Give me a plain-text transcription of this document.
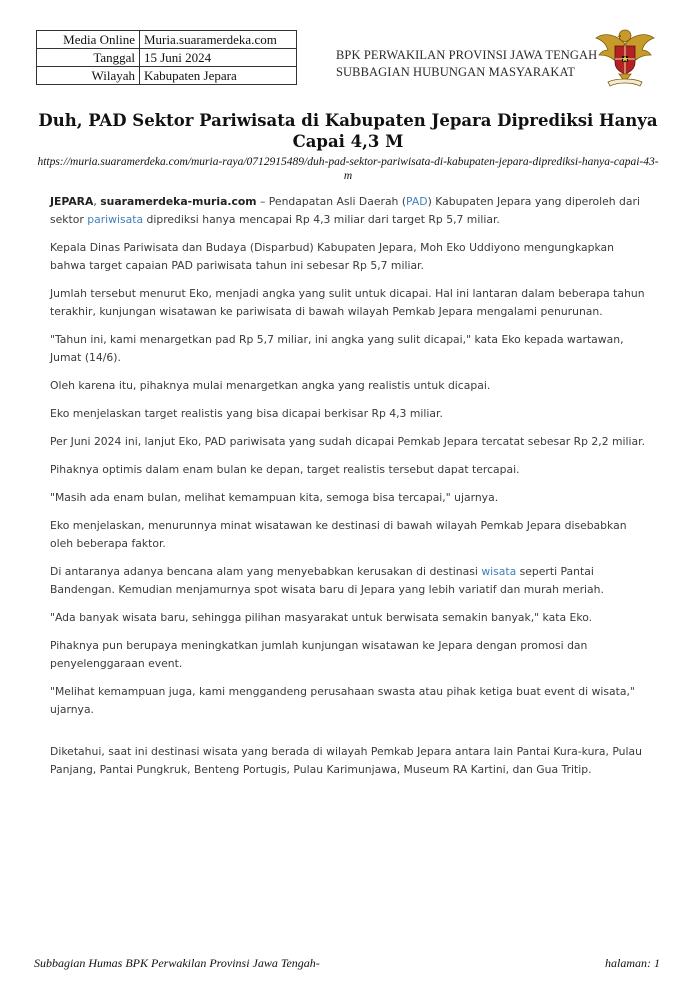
Media Online	Muria.suaramerdeka.com
Tanggal	15 Juni 2024
Wilayah	Kabupaten Jepara
BPK PERWAKILAN PROVINSI JAWA TENGAH
SUBBAGIAN HUBUNGAN MASYARAKAT
Duh, PAD Sektor Pariwisata di Kabupaten Jepara Diprediksi Hanya Capai 4,3 M
https://muria.suaramerdeka.com/muria-raya/0712915489/duh-pad-sektor-pariwisata-di-kabupaten-jepara-diprediksi-hanya-capai-43-m

JEPARA, suaramerdeka-muria.com – Pendapatan Asli Daerah (PAD) Kabupaten Jepara yang diperoleh dari sektor pariwisata diprediksi hanya mencapai Rp 4,3 miliar dari target Rp 5,7 miliar.

Kepala Dinas Pariwisata dan Budaya (Disparbud) Kabupaten Jepara, Moh Eko Uddiyono mengungkapkan bahwa target capaian PAD pariwisata tahun ini sebesar Rp 5,7 miliar.

Jumlah tersebut menurut Eko, menjadi angka yang sulit untuk dicapai. Hal ini lantaran dalam beberapa tahun terakhir, kunjungan wisatawan ke pariwisata di bawah wilayah Pemkab Jepara mengalami penurunan.

"Tahun ini, kami menargetkan pad Rp 5,7 miliar, ini angka yang sulit dicapai," kata Eko kepada wartawan, Jumat (14/6).

Oleh karena itu, pihaknya mulai menargetkan angka yang realistis untuk dicapai.

Eko menjelaskan target realistis yang bisa dicapai berkisar Rp 4,3 miliar.

Per Juni 2024 ini, lanjut Eko, PAD pariwisata yang sudah dicapai Pemkab Jepara tercatat sebesar Rp 2,2 miliar.

Pihaknya optimis dalam enam bulan ke depan, target realistis tersebut dapat tercapai.

"Masih ada enam bulan, melihat kemampuan kita, semoga bisa tercapai," ujarnya.

Eko menjelaskan, menurunnya minat wisatawan ke destinasi di bawah wilayah Pemkab Jepara disebabkan oleh beberapa faktor.

Di antaranya adanya bencana alam yang menyebabkan kerusakan di destinasi wisata seperti Pantai Bandengan. Kemudian menjamurnya spot wisata baru di Jepara yang lebih variatif dan murah meriah.

"Ada banyak wisata baru, sehingga pilihan masyarakat untuk berwisata semakin banyak," kata Eko.

Pihaknya pun berupaya meningkatkan jumlah kunjungan wisatawan ke Jepara dengan promosi dan penyelenggaraan event.

"Melihat kemampuan juga, kami menggandeng perusahaan swasta atau pihak ketiga buat event di wisata," ujarnya.

Diketahui, saat ini destinasi wisata yang berada di wilayah Pemkab Jepara antara lain Pantai Kura-kura, Pulau Panjang, Pantai Pungkruk, Benteng Portugis, Pulau Karimunjawa, Museum RA Kartini, dan Gua Tritip.

Subbagian Humas BPK Perwakilan Provinsi Jawa Tengah-	halaman: 1
